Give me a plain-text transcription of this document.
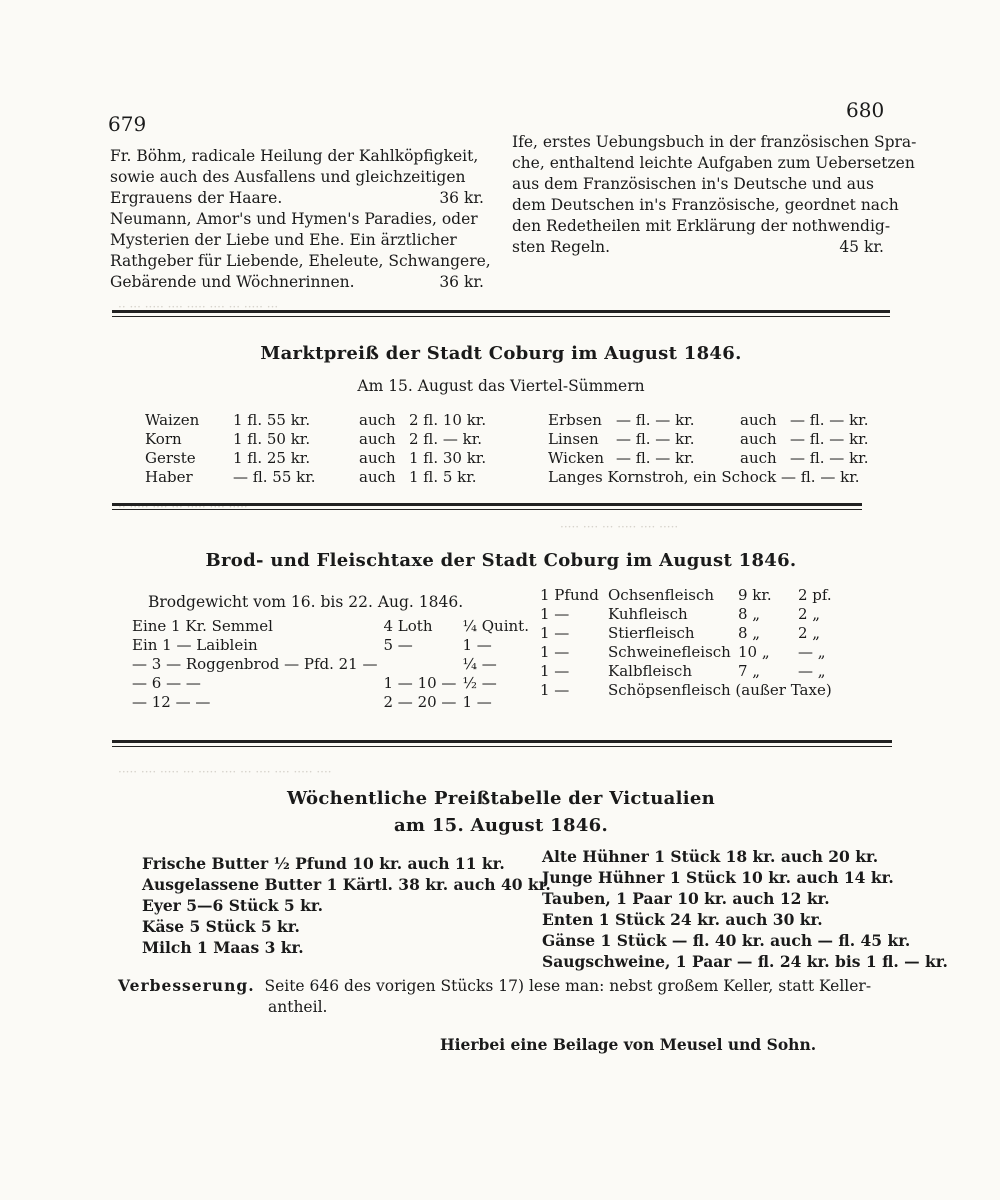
·· ··· ····· ···· ····· ···· ··· ····· ···
·· ····· ···· ··· ····· ···· ·····
····· ···· ··· ····· ···· ·····
····· ···· ····· ··· ····· ···· ··· ···· ···· ····· ····
679
680
Fr. Böhm, radicale Heilung der Kahlköpfigkeit,
sowie auch des Ausfallens und gleichzeitigen
Ergrauens der Haare.	36 kr.
Neumann, Amor's und Hymen's Paradies, oder
Mysterien der Liebe und Ehe. Ein ärztlicher
Rathgeber für Liebende, Eheleute, Schwangere,
Gebärende und Wöchnerinnen.	36 kr.
Ife, erstes Uebungsbuch in der französischen Spra-
che, enthaltend leichte Aufgaben zum Uebersetzen
aus dem Französischen in's Deutsche und aus
dem Deutschen in's Französische, geordnet nach
den Redetheilen mit Erklärung der nothwendig-
sten Regeln.	45 kr.
Marktpreiß der Stadt Coburg im August 1846.
Am 15. August das Viertel-Sümmern
Waizen	1 fl. 55 kr.	auch	2 fl. 10 kr.
Korn	1 fl. 50 kr.	auch	2 fl. — kr.
Gerste	1 fl. 25 kr.	auch	1 fl. 30 kr.
Haber	— fl. 55 kr.	auch	1 fl. 5 kr.
Erbsen	— fl. — kr.	auch	— fl. — kr.
Linsen	— fl. — kr.	auch	— fl. — kr.
Wicken	— fl. — kr.	auch	— fl. — kr.
Langes Kornstroh, ein Schock — fl. — kr.			
Brod- und Fleischtaxe der Stadt Coburg im August 1846.
Brodgewicht vom 16. bis 22. Aug. 1846.
Eine 1 Kr. Semmel	4 Loth	¼ Quint.
Ein 1 — Laiblein	5 —	1 —
— 3 — Roggenbrod — Pfd. 21 —		¼ —
— 6 — —	1 — 10 —	½ —
— 12 — —	2 — 20 —	1 —
1 Pfund	Ochsenfleisch	9 kr.	2 pf.
1 —	Kuhfleisch	8 „	2 „
1 —	Stierfleisch	8 „	2 „
1 —	Schweinefleisch	10 „	— „
1 —	Kalbfleisch	7 „	— „
1 —	Schöpsenfleisch (außer Taxe)		
Wöchentliche Preißtabelle der Victualien
am 15. August 1846.
Frische Butter ½ Pfund 10 kr. auch 11 kr.
Ausgelassene Butter 1 Kärtl. 38 kr. auch 40 kr.
Eyer 5—6 Stück 5 kr.
Käse 5 Stück 5 kr.
Milch 1 Maas 3 kr.
Alte Hühner 1 Stück 18 kr. auch 20 kr.
Junge Hühner 1 Stück 10 kr. auch 14 kr.
Tauben, 1 Paar 10 kr. auch 12 kr.
Enten 1 Stück 24 kr. auch 30 kr.
Gänse 1 Stück — fl. 40 kr. auch — fl. 45 kr.
Saugschweine, 1 Paar — fl. 24 kr. bis 1 fl. — kr.
Verbesserung. Seite 646 des vorigen Stücks 17) lese man: nebst großem Keller, statt Keller-
antheil.
Hierbei eine Beilage von Meusel und Sohn.
